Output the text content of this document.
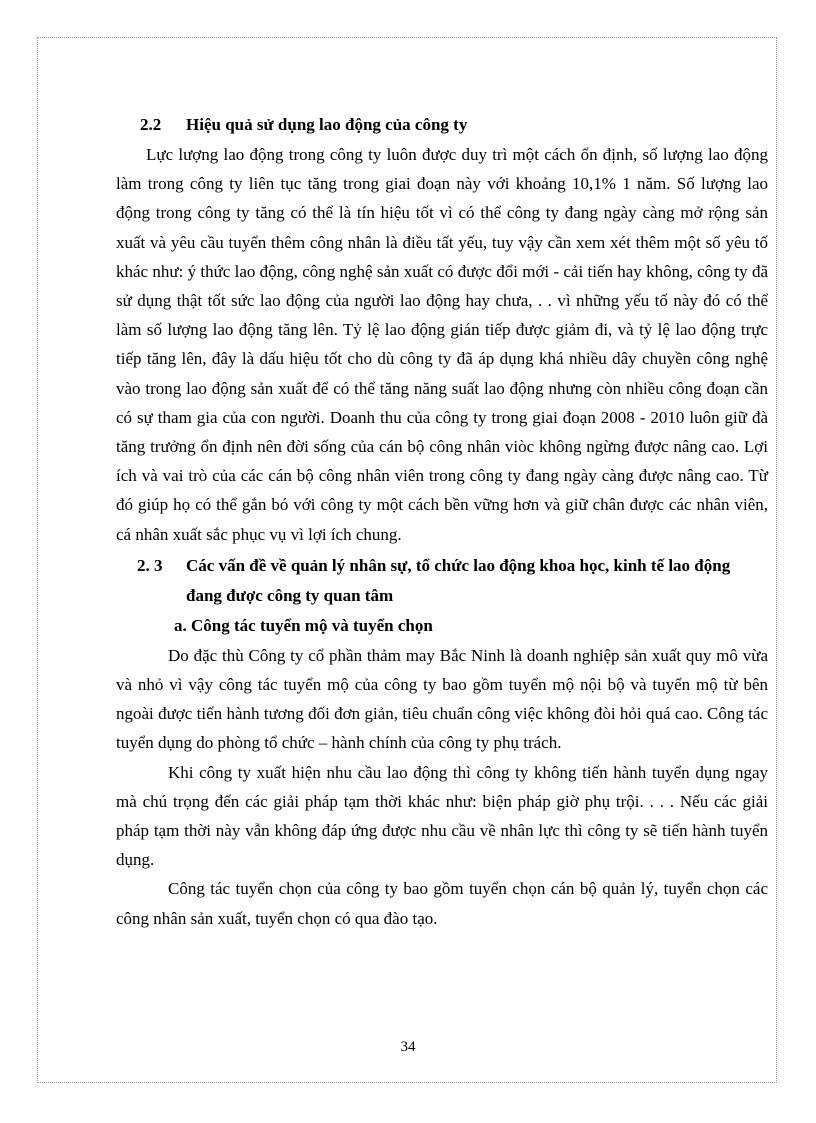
2.2	Hiệu quả sử dụng lao động của công ty

Lực lượng lao động trong công ty luôn được duy trì một cách ổn định, số lượng lao động làm trong công ty liên tục tăng trong giai đoạn này với khoảng 10,1% 1 năm. Số lượng lao động trong công ty tăng có thể là tín hiệu tốt vì có thể công ty đang ngày càng mở rộng sản xuất và yêu cầu tuyển thêm công nhân là điều tất yếu, tuy vậy cần xem xét thêm một số yêu tố khác như: ý thức lao động, công nghệ sản xuất có được đổi mới - cải tiến hay không, công ty đã sử dụng thật tốt sức lao động của người lao động hay chưa, . . vì những yếu tố này đó có thể làm số lượng lao động tăng lên. Tỷ lệ lao động gián tiếp được giảm đi, và tỷ lệ lao động trực tiếp tăng lên, đây là dấu hiệu tốt cho dù công ty đã áp dụng khá nhiều dây chuyền công nghệ vào trong lao động sản xuất để có thể tăng năng suất lao động nhưng còn nhiều công đoạn cần có sự tham gia của con người. Doanh thu của công ty trong giai đoạn 2008 - 2010 luôn giữ đà tăng trưởng ổn định nên đời sống của cán bộ công nhân viòc không ngừng được nâng cao. Lợi ích và vai trò của các cán bộ công nhân viên trong công ty đang ngày càng được nâng cao. Từ đó giúp họ có thể gắn bó với công ty một cách bền vững hơn và giữ chân được các nhân viên, cá nhân xuất sắc phục vụ vì lợi ích chung.

2. 3	Các vấn đề về quản lý nhân sự, tổ chức lao động khoa học, kinh tế lao động đang được công ty quan tâm
a. Công tác tuyển mộ và tuyển chọn

Do đặc thù Công ty cổ phần thảm may Bắc Ninh là doanh nghiệp sản xuất quy mô vừa và nhỏ vì vậy công tác tuyển mộ của công ty bao gồm tuyển mộ nội bộ và tuyển mộ từ bên ngoài được tiến hành tương đối đơn giản, tiêu chuẩn công việc không đòi hỏi quá cao. Công tác tuyển dụng do phòng tổ chức – hành chính của công ty phụ trách.

Khi công ty xuất hiện nhu cầu lao động thì công ty không tiến hành tuyển dụng ngay mà chú trọng đến các giải pháp tạm thời khác như: biện pháp giờ phụ trội. . . . Nếu các giải pháp tạm thời này vẫn không đáp ứng được nhu cầu về nhân lực thì công ty sẽ tiến hành tuyển dụng.

Công tác tuyển chọn của công ty bao gồm tuyển chọn cán bộ quản lý, tuyển chọn các công nhân sản xuất, tuyển chọn có qua đào tạo.

34
